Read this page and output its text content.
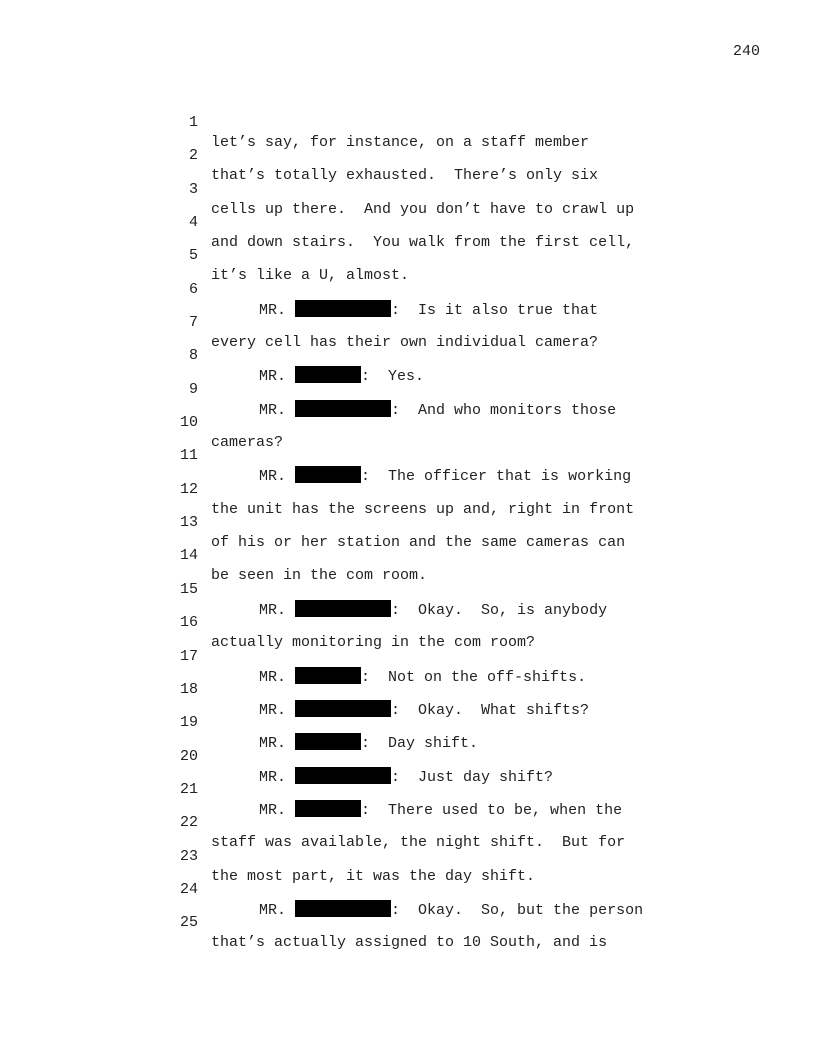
240

1

let’s say, for instance, on a staff member

2

that’s totally exhausted.  There’s only six

3

cells up there.  And you don’t have to crawl up

4

and down stairs.  You walk from the first cell,

5

it’s like a U, almost.

6

MR.	:  Is it also true that

7

every cell has their own individual camera?

8

MR.	:  Yes.

9

MR.	:  And who monitors those

10

cameras?

11

MR.	:  The officer that is working

12

the unit has the screens up and, right in front

13

of his or her station and the same cameras can

14

be seen in the com room.

15

MR.	:  Okay.  So, is anybody

16

actually monitoring in the com room?

17

MR.	:  Not on the off-shifts.

18

MR.	:  Okay.  What shifts?

19

MR.	:  Day shift.

20

MR.	:  Just day shift?

21

MR.	:  There used to be, when the

22

staff was available, the night shift.  But for

23

the most part, it was the day shift.

24

MR.	:  Okay.  So, but the person

25

that’s actually assigned to 10 South, and is
